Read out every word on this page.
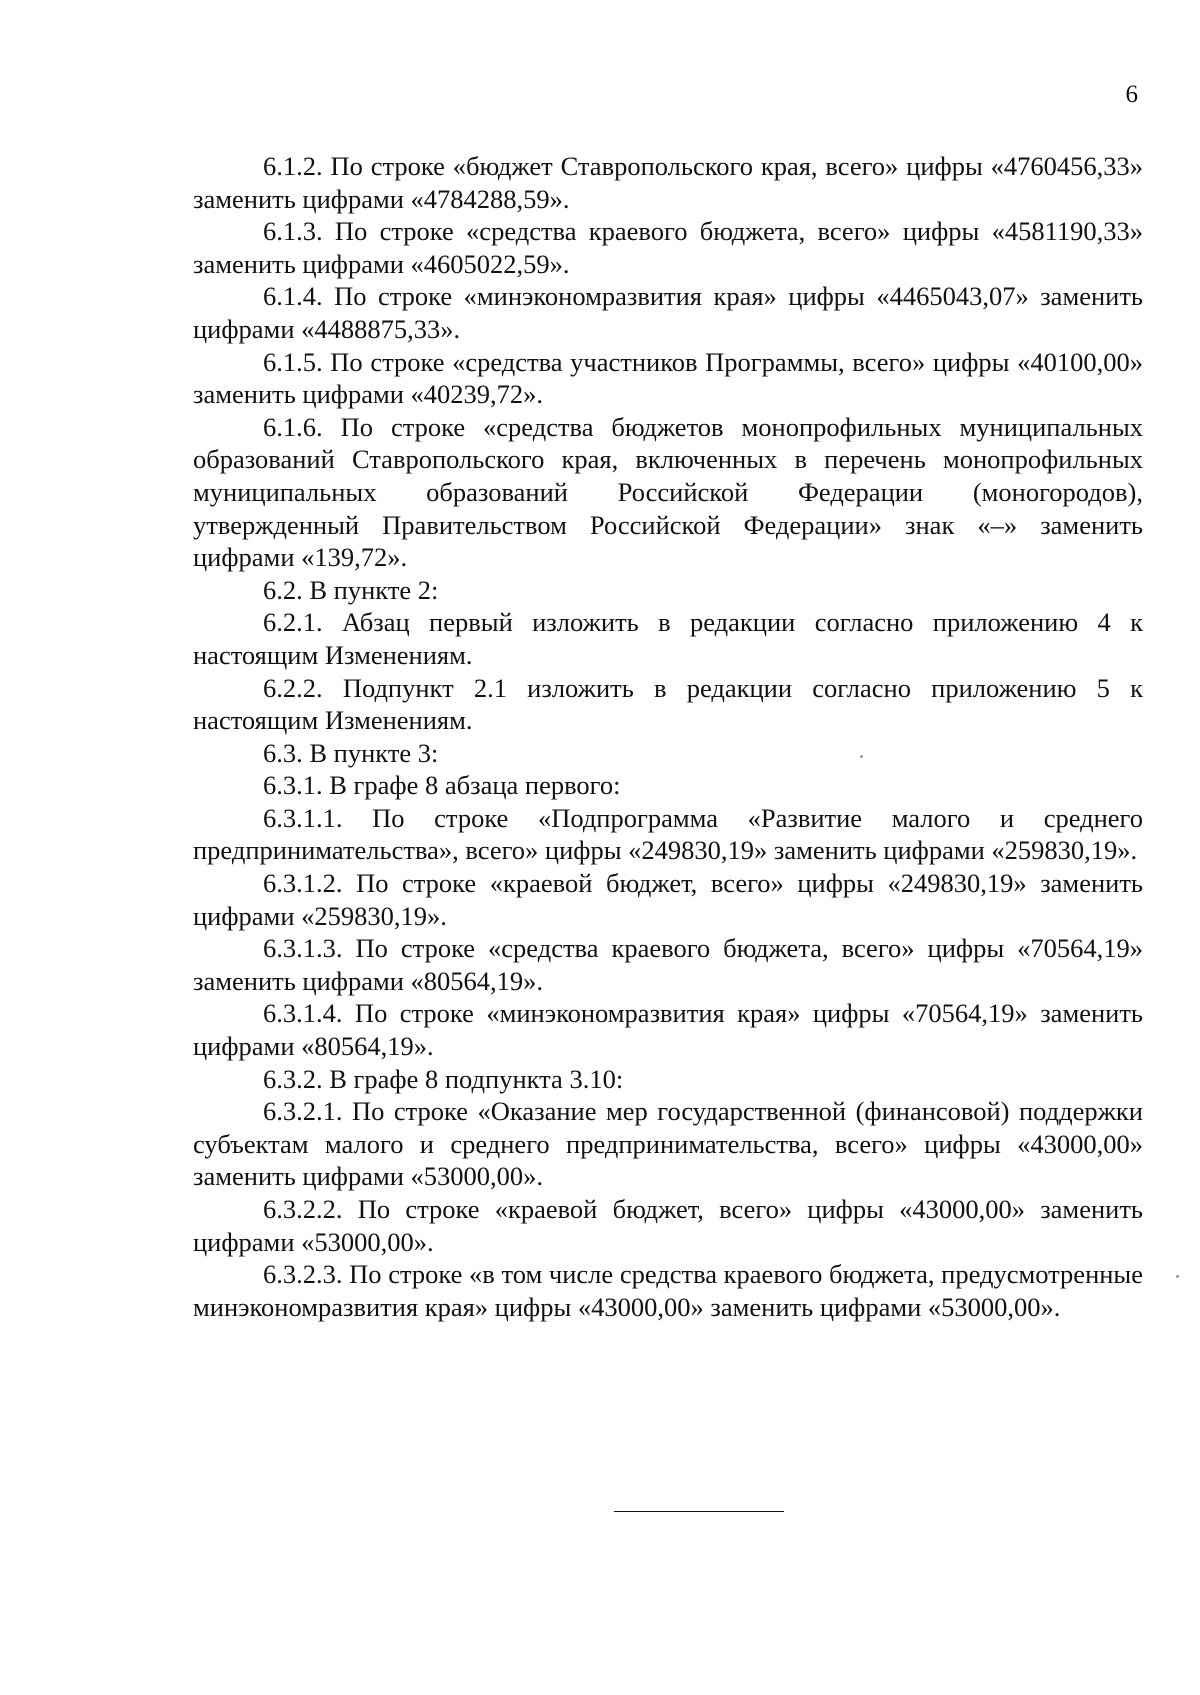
6

6.1.2. По строке «бюджет Ставропольского края, всего» цифры «4760456,33» заменить цифрами «4784288,59».

6.1.3. По строке «средства краевого бюджета, всего» цифры «4581190,33» заменить цифрами «4605022,59».

6.1.4. По строке «минэкономразвития края» цифры «4465043,07» заменить цифрами «4488875,33».

6.1.5. По строке «средства участников Программы, всего» цифры «40100,00» заменить цифрами «40239,72».

6.1.6. По строке «средства бюджетов монопрофильных муниципальных образований Ставропольского края, включенных в перечень монопрофильных муниципальных образований Российской Федерации (моногородов), утвержденный Правительством Российской Федерации» знак «–» заменить цифрами «139,72».

6.2. В пункте 2:

6.2.1. Абзац первый изложить в редакции согласно приложению 4 к настоящим Изменениям.

6.2.2. Подпункт 2.1 изложить в редакции согласно приложению 5 к настоящим Изменениям.

6.3. В пункте 3:

6.3.1. В графе 8 абзаца первого:

6.3.1.1. По строке «Подпрограмма «Развитие малого и среднего предпринимательства», всего» цифры «249830,19» заменить цифрами «259830,19».

6.3.1.2. По строке «краевой бюджет, всего» цифры «249830,19» заменить цифрами «259830,19».

6.3.1.3. По строке «средства краевого бюджета, всего» цифры «70564,19» заменить цифрами «80564,19».

6.3.1.4. По строке «минэкономразвития края» цифры «70564,19» заменить цифрами «80564,19».

6.3.2. В графе 8 подпункта 3.10:

6.3.2.1. По строке «Оказание мер государственной (финансовой) поддержки субъектам малого и среднего предпринимательства, всего» цифры «43000,00» заменить цифрами «53000,00».

6.3.2.2. По строке «краевой бюджет, всего» цифры «43000,00» заменить цифрами «53000,00».

6.3.2.3. По строке «в том числе средства краевого бюджета, предусмотренные минэкономразвития края» цифры «43000,00» заменить цифрами «53000,00».
